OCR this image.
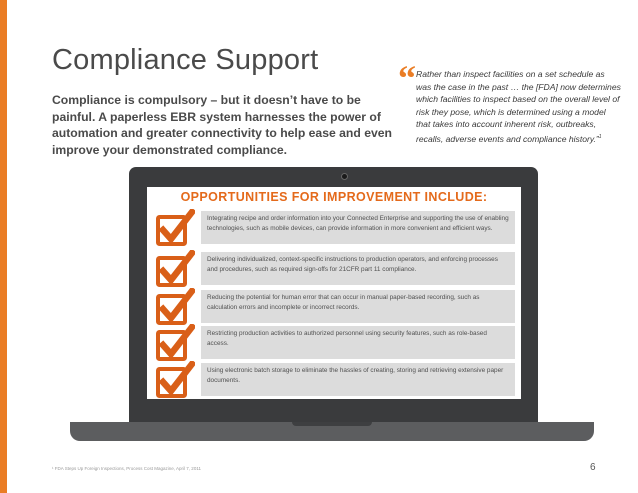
Compliance Support

Compliance is compulsory – but it doesn’t have to be painful. A paperless EBR system harnesses the power of automation and greater connectivity to help ease and even improve your demonstrated compliance.

“ Rather than inspect facilities on a set schedule as was the case in the past … the [FDA] now determines which facilities to inspect based on the overall level of risk they pose, which is determined using a model that takes into account inherent risk, outbreaks, recalls, adverse events and compliance history.”$^1$

OPPORTUNITIES FOR IMPROVEMENT INCLUDE:
Integrating recipe and order information into your Connected Enterprise and supporting the use of enabling technologies, such as mobile devices, can provide information in more convenient and efficient ways.
Delivering individualized, context-specific instructions to production operators, and enforcing processes and procedures, such as required sign-offs for 21CFR part 11 compliance.
Reducing the potential for human error that can occur in manual paper-based recording, such as calculation errors and incomplete or incorrect records.
Restricting production activities to authorized personnel using security features, such as role-based access.
Using electronic batch storage to eliminate the hassles of creating, storing and retrieving extensive paper documents.
¹ FDA Steps Up Foreign Inspections, Process Cost Magazine, April 7, 2011	6
